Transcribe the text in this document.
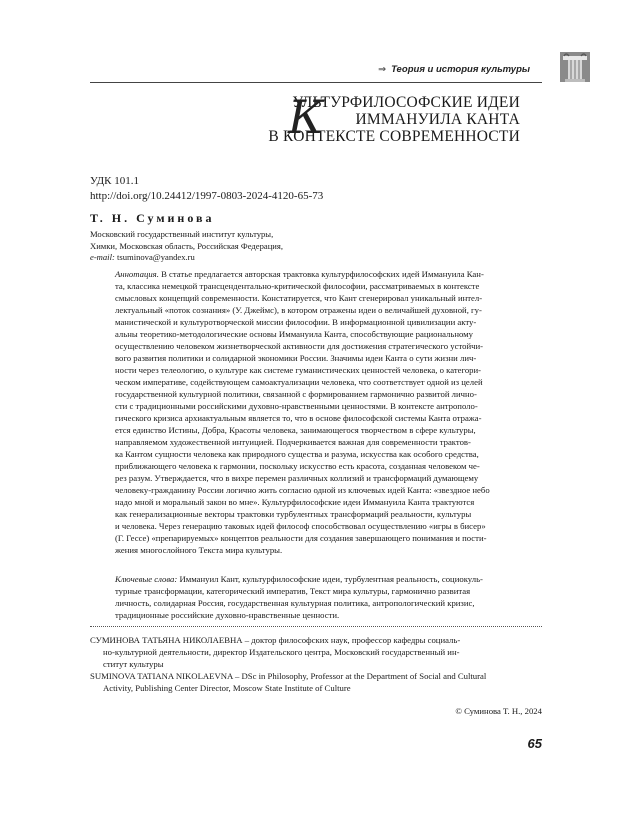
⇒ Теория и история культуры
К
УЛЬТУРФИЛОСОФСКИЕ ИДЕИ
ИММАНУИЛА КАНТА
В КОНТЕКСТЕ СОВРЕМЕННОСТИ
УДК 101.1
http://doi.org/10.24412/1997-0803-2024-4120-65-73
Т. Н. Суминова
Московский государственный институт культуры,
Химки, Московская область, Российская Федерация,
e-mail: tsuminova@yandex.ru
Аннотация. В статье предлагается авторская трактовка культурфилософских идей Иммануила Кан-
та, классика немецкой трансцендентально-критической философии, рассматриваемых в контексте
смысловых концепций современности. Констатируется, что Кант сгенерировал уникальный интел-
лектуальный «поток сознания» (У. Джеймс), в котором отражены идеи о величайшей духовной, гу-
манистической и культуротворческой миссии философии. В информационной цивилизации акту-
альны теоретико-методологические основы Иммануила Канта, способствующие рациональному
осуществлению человеком жизнетворческой активности для достижения стратегического устойчи-
вого развития политики и солидарной экономики России. Значимы идеи Канта о сути жизни лич-
ности через телеологию, о культуре как системе гуманистических ценностей человека, о категори-
ческом императиве, содействующем самоактуализации человека, что соответствует одной из целей
государственной культурной политики, связанной с формированием гармонично развитой лично-
сти с традиционными российскими духовно-нравственными ценностями. В контексте антрополо-
гического кризиса архиактуальным является то, что в основе философской системы Канта отража-
ется единство Истины, Добра, Красоты человека, занимающегося творчеством в сфере культуры,
направляемом художественной интуицией. Подчеркивается важная для современности трактов-
ка Кантом сущности человека как природного существа и разума, искусства как особого средства,
приближающего человека к гармонии, поскольку искусство есть красота, созданная человеком че-
рез разум. Утверждается, что в вихре перемен различных коллизий и трансформаций думающему
человеку-гражданину России логично жить согласно одной из ключевых идей Канта: «звездное небо
надо мной и моральный закон во мне». Культурфилософские идеи Иммануила Канта трактуются
как генерализационные векторы трактовки турбулентных трансформаций реальности, культуры
и человека. Через генерацию таковых идей философ способствовал осуществлению «игры в бисер»
(Г. Гессе) «препарируемых» концептов реальности для создания завершающего понимания и пости-
жения многослойного Текста мира культуры.
Ключевые слова: Иммануил Кант, культурфилософские идеи, турбулентная реальность, социокуль-
турные трансформации, категорический императив, Текст мира культуры, гармонично развитая
личность, солидарная Россия, государственная культурная политика, антропологический кризис,
традиционные российские духовно-нравственные ценности.
СУМИНОВА ТАТЬЯНА НИКОЛАЕВНА – доктор философских наук, профессор кафедры социаль-
но-культурной деятельности, директор Издательского центра, Московский государственный ин-
ститут культуры
SUMINOVA TATIANA NIKOLAEVNA – DSc in Philosophy, Professor at the Department of Social and Cultural
Activity, Publishing Center Director, Moscow State Institute of Culture
© Суминова Т. Н., 2024
65
